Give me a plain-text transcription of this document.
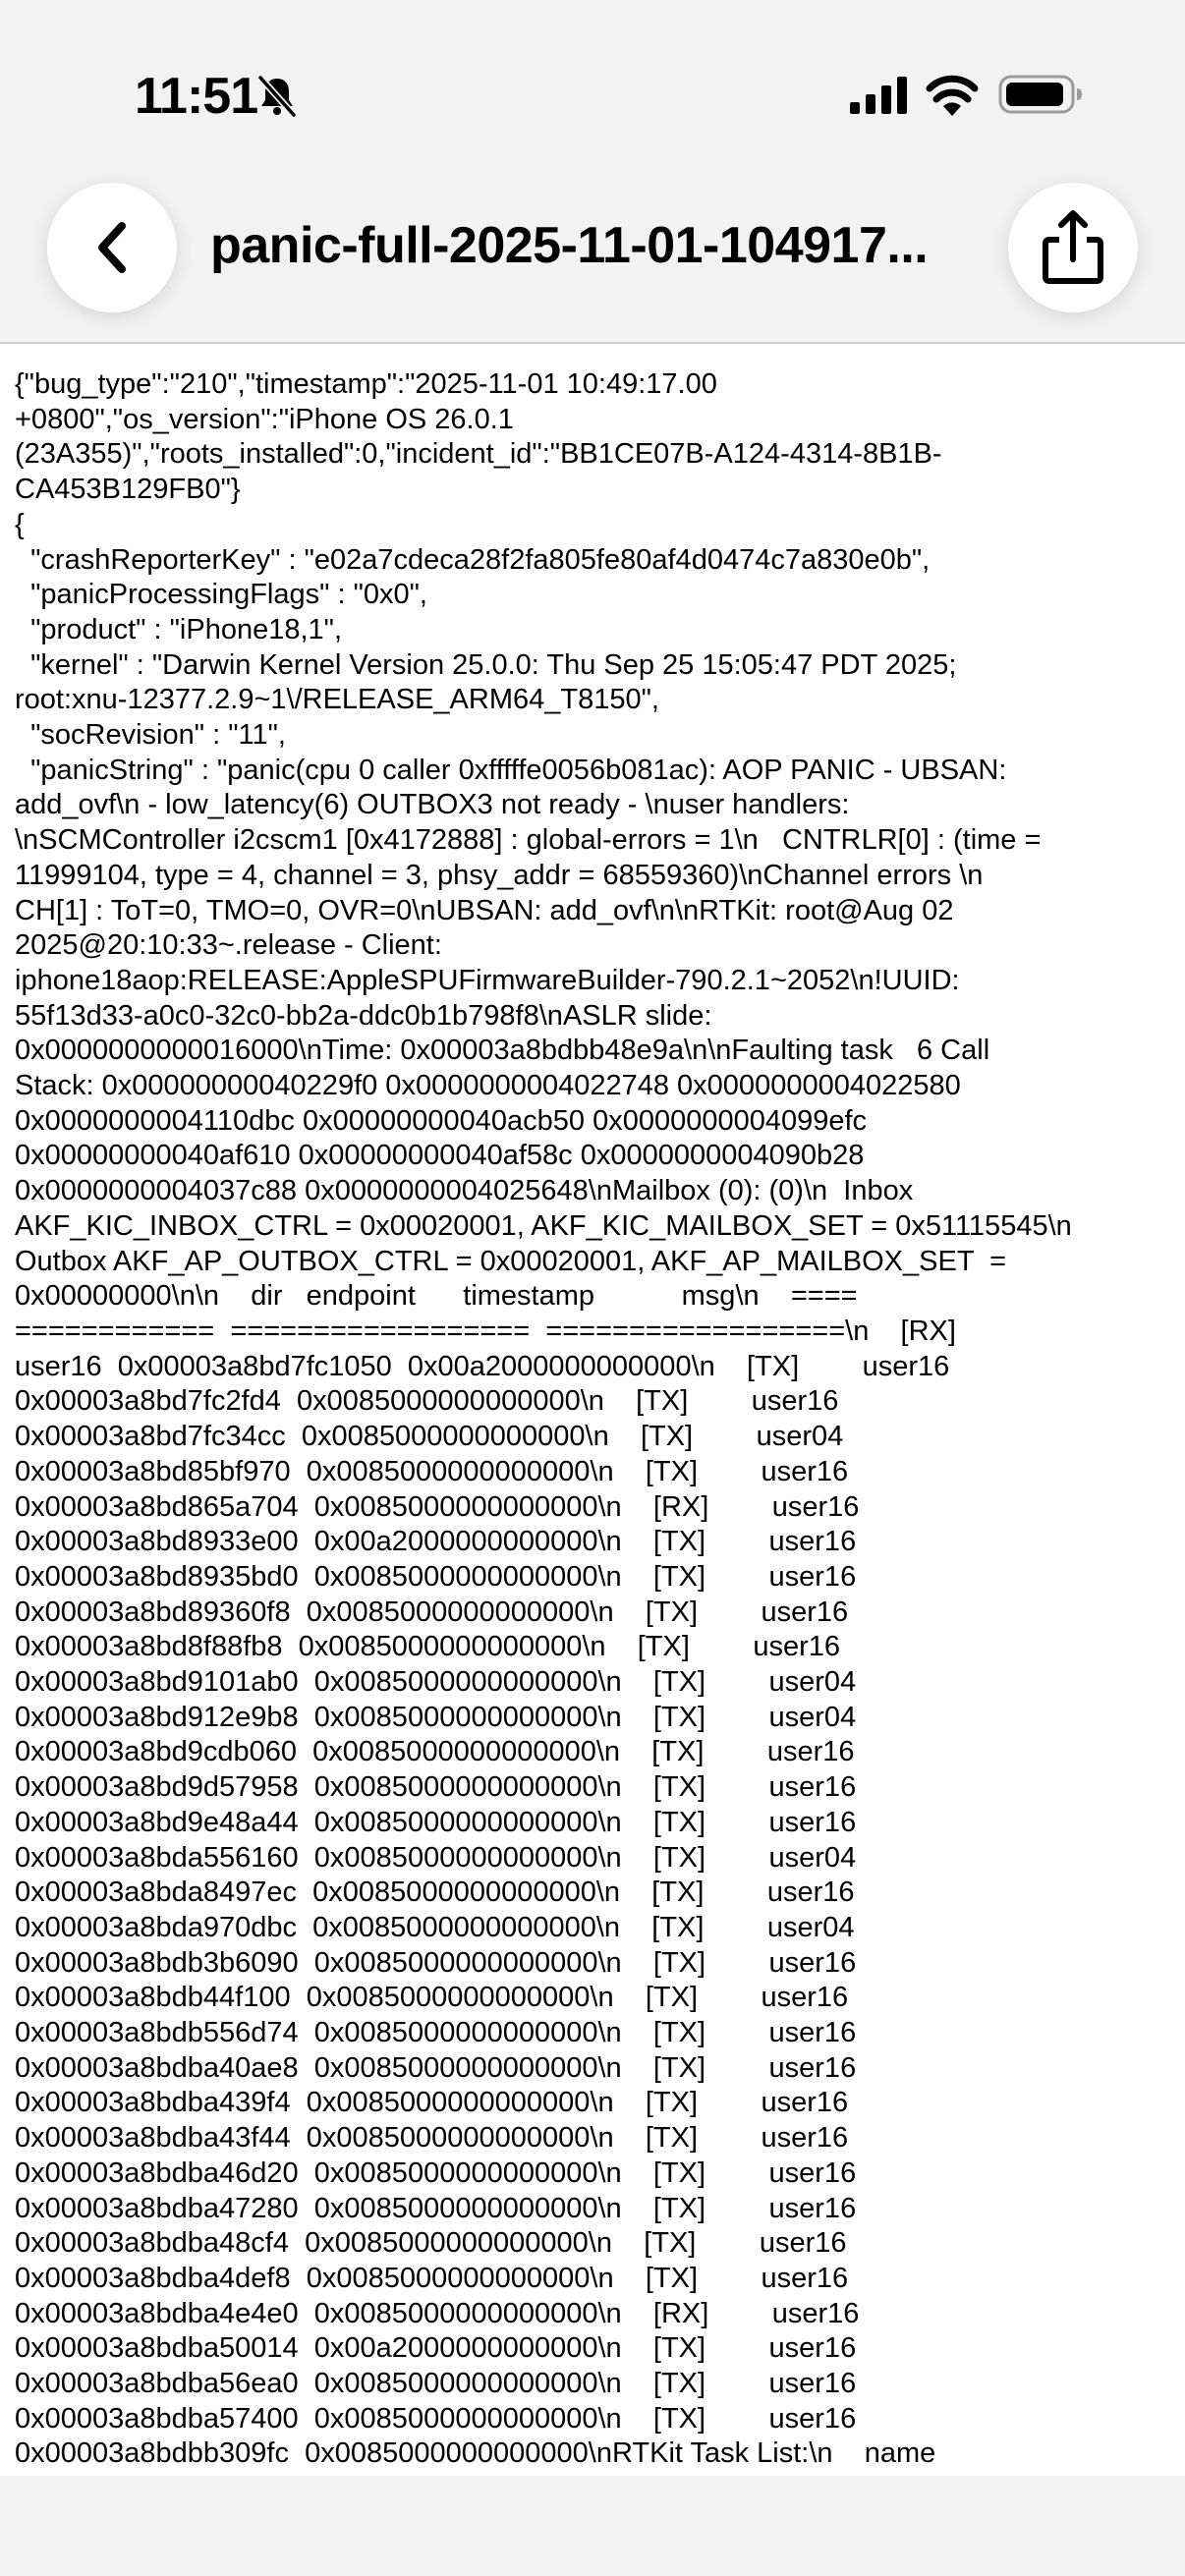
11:51
panic-full-2025-11-01-104917...
{"bug_type":"210","timestamp":"2025-11-01 10:49:17.00
+0800","os_version":"iPhone OS 26.0.1
(23A355)","roots_installed":0,"incident_id":"BB1CE07B-A124-4314-8B1B-
CA453B129FB0"}
{
"crashReporterKey" : "e02a7cdeca28f2fa805fe80af4d0474c7a830e0b",
"panicProcessingFlags" : "0x0",
"product" : "iPhone18,1",
"kernel" : "Darwin Kernel Version 25.0.0: Thu Sep 25 15:05:47 PDT 2025;
root:xnu-12377.2.9~1\/RELEASE_ARM64_T8150",
"socRevision" : "11",
"panicString" : "panic(cpu 0 caller 0xfffffe0056b081ac): AOP PANIC - UBSAN:
add_ovf\n - low_latency(6) OUTBOX3 not ready - \nuser handlers:
\nSCMController i2cscm1 [0x4172888] : global-errors = 1\n   CNTRLR[0] : (time =
11999104, type = 4, channel = 3, phsy_addr = 68559360)\nChannel errors \n
CH[1] : ToT=0, TMO=0, OVR=0\nUBSAN: add_ovf\n\nRTKit: root@Aug 02
2025@20:10:33~.release - Client:
iphone18aop:RELEASE:AppleSPUFirmwareBuilder-790.2.1~2052\n!UUID:
55f13d33-a0c0-32c0-bb2a-ddc0b1b798f8\nASLR slide:
0x0000000000016000\nTime: 0x00003a8bdbb48e9a\n\nFaulting task   6 Call
Stack: 0x00000000040229f0 0x0000000004022748 0x0000000004022580
0x0000000004110dbc 0x00000000040acb50 0x0000000004099efc
0x00000000040af610 0x00000000040af58c 0x0000000004090b28
0x0000000004037c88 0x0000000004025648\nMailbox (0): (0)\n  Inbox
AKF_KIC_INBOX_CTRL = 0x00020001, AKF_KIC_MAILBOX_SET = 0x51115545\n
Outbox AKF_AP_OUTBOX_CTRL = 0x00020001, AKF_AP_MAILBOX_SET  =
0x00000000\n\n    dir   endpoint      timestamp           msg\n    ====
============  ==================  ==================\n    [RX]
user16  0x00003a8bd7fc1050  0x00a2000000000000\n    [TX]        user16
0x00003a8bd7fc2fd4  0x0085000000000000\n    [TX]        user16
0x00003a8bd7fc34cc  0x0085000000000000\n    [TX]        user04
0x00003a8bd85bf970  0x0085000000000000\n    [TX]        user16
0x00003a8bd865a704  0x0085000000000000\n    [RX]        user16
0x00003a8bd8933e00  0x00a2000000000000\n    [TX]        user16
0x00003a8bd8935bd0  0x0085000000000000\n    [TX]        user16
0x00003a8bd89360f8  0x0085000000000000\n    [TX]        user16
0x00003a8bd8f88fb8  0x0085000000000000\n    [TX]        user16
0x00003a8bd9101ab0  0x0085000000000000\n    [TX]        user04
0x00003a8bd912e9b8  0x0085000000000000\n    [TX]        user04
0x00003a8bd9cdb060  0x0085000000000000\n    [TX]        user16
0x00003a8bd9d57958  0x0085000000000000\n    [TX]        user16
0x00003a8bd9e48a44  0x0085000000000000\n    [TX]        user16
0x00003a8bda556160  0x0085000000000000\n    [TX]        user04
0x00003a8bda8497ec  0x0085000000000000\n    [TX]        user16
0x00003a8bda970dbc  0x0085000000000000\n    [TX]        user04
0x00003a8bdb3b6090  0x0085000000000000\n    [TX]        user16
0x00003a8bdb44f100  0x0085000000000000\n    [TX]        user16
0x00003a8bdb556d74  0x0085000000000000\n    [TX]        user16
0x00003a8bdba40ae8  0x0085000000000000\n    [TX]        user16
0x00003a8bdba439f4  0x0085000000000000\n    [TX]        user16
0x00003a8bdba43f44  0x0085000000000000\n    [TX]        user16
0x00003a8bdba46d20  0x0085000000000000\n    [TX]        user16
0x00003a8bdba47280  0x0085000000000000\n    [TX]        user16
0x00003a8bdba48cf4  0x0085000000000000\n    [TX]        user16
0x00003a8bdba4def8  0x0085000000000000\n    [TX]        user16
0x00003a8bdba4e4e0  0x0085000000000000\n    [RX]        user16
0x00003a8bdba50014  0x00a2000000000000\n    [TX]        user16
0x00003a8bdba56ea0  0x0085000000000000\n    [TX]        user16
0x00003a8bdba57400  0x0085000000000000\n    [TX]        user16
0x00003a8bdbb309fc  0x0085000000000000\nRTKit Task List:\n    name
